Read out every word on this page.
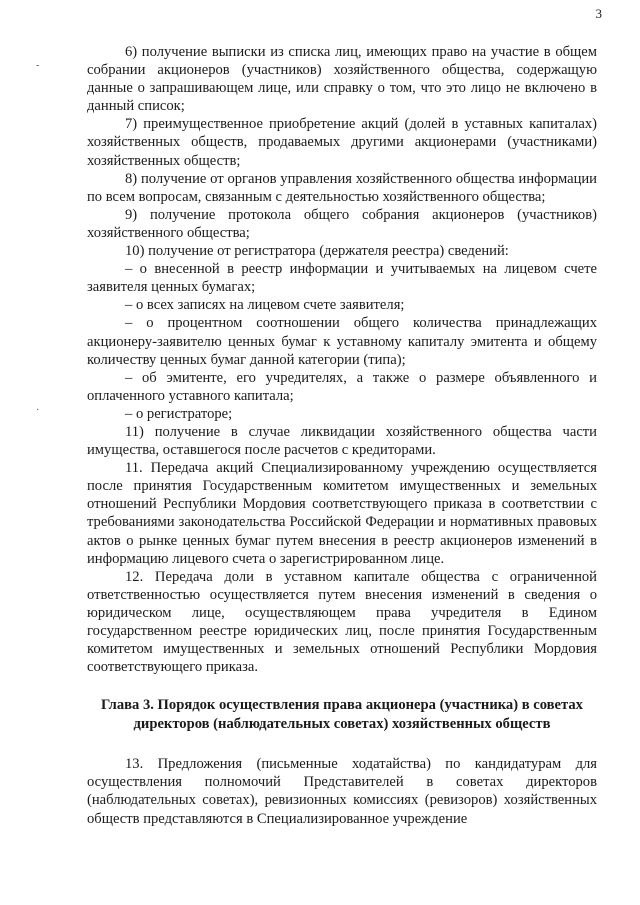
3
-
·

6) получение выписки из списка лиц, имеющих право на участие в общем собрании акционеров (участников) хозяйственного общества, содержащую данные о запрашивающем лице, или справку о том, что это лицо не включено в данный список;

7) преимущественное приобретение акций (долей в уставных капиталах) хозяйственных обществ, продаваемых другими акционерами (участниками) хозяйственных обществ;

8) получение от органов управления хозяйственного общества информации по всем вопросам, связанным с деятельностью хозяйственного общества;

9) получение протокола общего собрания акционеров (участников) хозяйственного общества;

10) получение от регистратора (держателя реестра) сведений:

– о внесенной в реестр информации и учитываемых на лицевом счете заявителя ценных бумагах;

– о всех записях на лицевом счете заявителя;

– о процентном соотношении общего количества принадлежащих акционеру-заявителю ценных бумаг к уставному капиталу эмитента и общему количеству ценных бумаг данной категории (типа);

– об эмитенте, его учредителях, а также о размере объявленного и оплаченного уставного капитала;

– о регистраторе;

11) получение в случае ликвидации хозяйственного общества части имущества, оставшегося после расчетов с кредиторами.

11. Передача акций Специализированному учреждению осуществляется после принятия Государственным комитетом имущественных и земельных отношений Республики Мордовия соответствующего приказа в соответствии с требованиями законодательства Российской Федерации и нормативных правовых актов о рынке ценных бумаг путем внесения в реестр акционеров изменений в информацию лицевого счета о зарегистрированном лице.

12. Передача доли в уставном капитале общества с ограниченной ответственностью осуществляется путем внесения изменений в сведения о юридическом лице, осуществляющем права учредителя в Едином государственном реестре юридических лиц, после принятия Государственным комитетом имущественных и земельных отношений Республики Мордовия соответствующего приказа.

Глава 3. Порядок осуществления права акционера (участника) в советах директоров (наблюдательных советах) хозяйственных обществ

13. Предложения (письменные ходатайства) по кандидатурам для осуществления полномочий Представителей в советах директоров (наблюдательных советах), ревизионных комиссиях (ревизоров) хозяйственных обществ представляются в Специализированное учреждение
